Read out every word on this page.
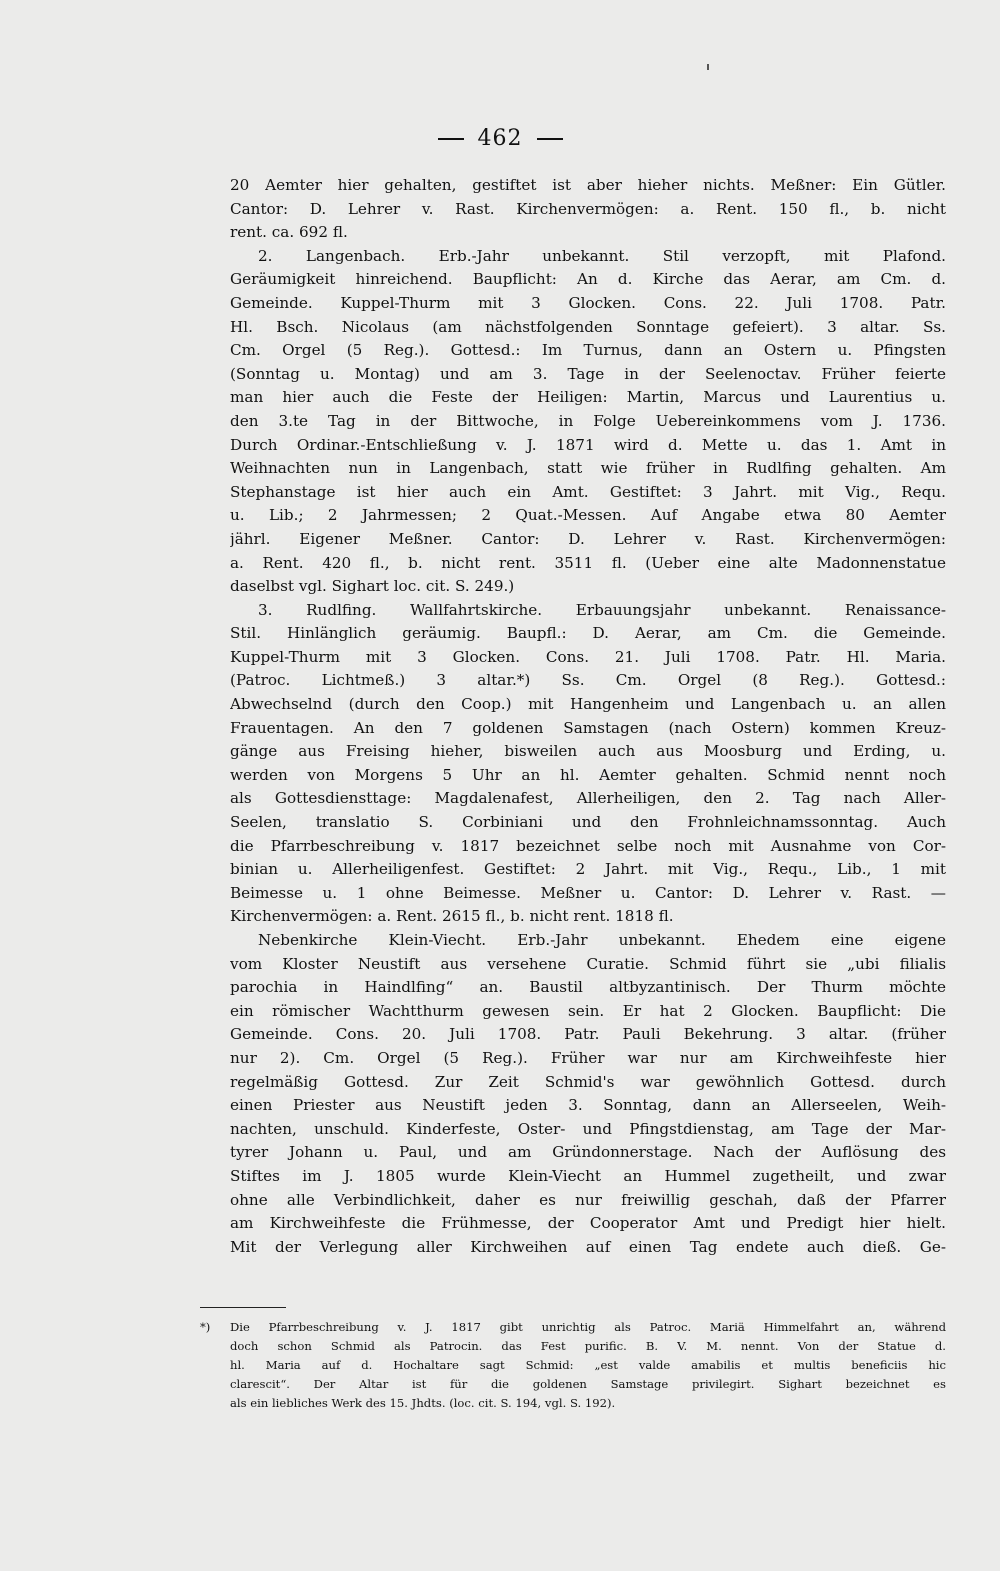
462
20 Aemter hier gehalten, gestiftet ist aber hieher nichts. Meßner: Ein Gütler.
Cantor: D. Lehrer v. Rast. Kirchenvermögen: a. Rent. 150 fl., b. nicht
rent. ca. 692 fl.
2. Langenbach. Erb.-Jahr unbekannt. Stil verzopft, mit Plafond.
Geräumigkeit hinreichend. Baupflicht: An d. Kirche das Aerar, am Cm. d.
Gemeinde. Kuppel-Thurm mit 3 Glocken. Cons. 22. Juli 1708. Patr.
Hl. Bsch. Nicolaus (am nächstfolgenden Sonntage gefeiert). 3 altar. Ss.
Cm. Orgel (5 Reg.). Gottesd.: Im Turnus, dann an Ostern u. Pfingsten
(Sonntag u. Montag) und am 3. Tage in der Seelenoctav. Früher feierte
man hier auch die Feste der Heiligen: Martin, Marcus und Laurentius u.
den 3.te Tag in der Bittwoche, in Folge Uebereinkommens vom J. 1736.
Durch Ordinar.-Entschließung v. J. 1871 wird d. Mette u. das 1. Amt in
Weihnachten nun in Langenbach, statt wie früher in Rudlfing gehalten. Am
Stephanstage ist hier auch ein Amt. Gestiftet: 3 Jahrt. mit Vig., Requ.
u. Lib.; 2 Jahrmessen; 2 Quat.-Messen. Auf Angabe etwa 80 Aemter
jährl. Eigener Meßner. Cantor: D. Lehrer v. Rast. Kirchenvermögen:
a. Rent. 420 fl., b. nicht rent. 3511 fl. (Ueber eine alte Madonnenstatue
daselbst vgl. Sighart loc. cit. S. 249.)
3. Rudlfing. Wallfahrtskirche. Erbauungsjahr unbekannt. Renaissance-
Stil. Hinlänglich geräumig. Baupfl.: D. Aerar, am Cm. die Gemeinde.
Kuppel-Thurm mit 3 Glocken. Cons. 21. Juli 1708. Patr. Hl. Maria.
(Patroc. Lichtmeß.) 3 altar.*) Ss. Cm. Orgel (8 Reg.). Gottesd.:
Abwechselnd (durch den Coop.) mit Hangenheim und Langenbach u. an allen
Frauentagen. An den 7 goldenen Samstagen (nach Ostern) kommen Kreuz-
gänge aus Freising hieher, bisweilen auch aus Moosburg und Erding, u.
werden von Morgens 5 Uhr an hl. Aemter gehalten. Schmid nennt noch
als Gottesdiensttage: Magdalenafest, Allerheiligen, den 2. Tag nach Aller-
Seelen, translatio S. Corbiniani und den Frohnleichnamssonntag. Auch
die Pfarrbeschreibung v. 1817 bezeichnet selbe noch mit Ausnahme von Cor-
binian u. Allerheiligenfest. Gestiftet: 2 Jahrt. mit Vig., Requ., Lib., 1 mit
Beimesse u. 1 ohne Beimesse. Meßner u. Cantor: D. Lehrer v. Rast. —
Kirchenvermögen: a. Rent. 2615 fl., b. nicht rent. 1818 fl.
Nebenkirche Klein-Viecht. Erb.-Jahr unbekannt. Ehedem eine eigene
vom Kloster Neustift aus versehene Curatie. Schmid führt sie „ubi filialis
parochia in Haindlfing“ an. Baustil altbyzantinisch. Der Thurm möchte
ein römischer Wachtthurm gewesen sein. Er hat 2 Glocken. Baupflicht: Die
Gemeinde. Cons. 20. Juli 1708. Patr. Pauli Bekehrung. 3 altar. (früher
nur 2). Cm. Orgel (5 Reg.). Früher war nur am Kirchweihfeste hier
regelmäßig Gottesd. Zur Zeit Schmid's war gewöhnlich Gottesd. durch
einen Priester aus Neustift jeden 3. Sonntag, dann an Allerseelen, Weih-
nachten, unschuld. Kinderfeste, Oster- und Pfingstdienstag, am Tage der Mar-
tyrer Johann u. Paul, und am Gründonnerstage. Nach der Auflösung des
Stiftes im J. 1805 wurde Klein-Viecht an Hummel zugetheilt, und zwar
ohne alle Verbindlichkeit, daher es nur freiwillig geschah, daß der Pfarrer
am Kirchweihfeste die Frühmesse, der Cooperator Amt und Predigt hier hielt.
Mit der Verlegung aller Kirchweihen auf einen Tag endete auch dieß. Ge-
*) Die Pfarrbeschreibung v. J. 1817 gibt unrichtig als Patroc. Mariä Himmelfahrt an, während
doch schon Schmid als Patrocin. das Fest purific. B. V. M. nennt. Von der Statue d.
hl. Maria auf d. Hochaltare sagt Schmid: „est valde amabilis et multis beneficiis hic
clarescit“. Der Altar ist für die goldenen Samstage privilegirt. Sighart bezeichnet es
als ein liebliches Werk des 15. Jhdts. (loc. cit. S. 194, vgl. S. 192).
